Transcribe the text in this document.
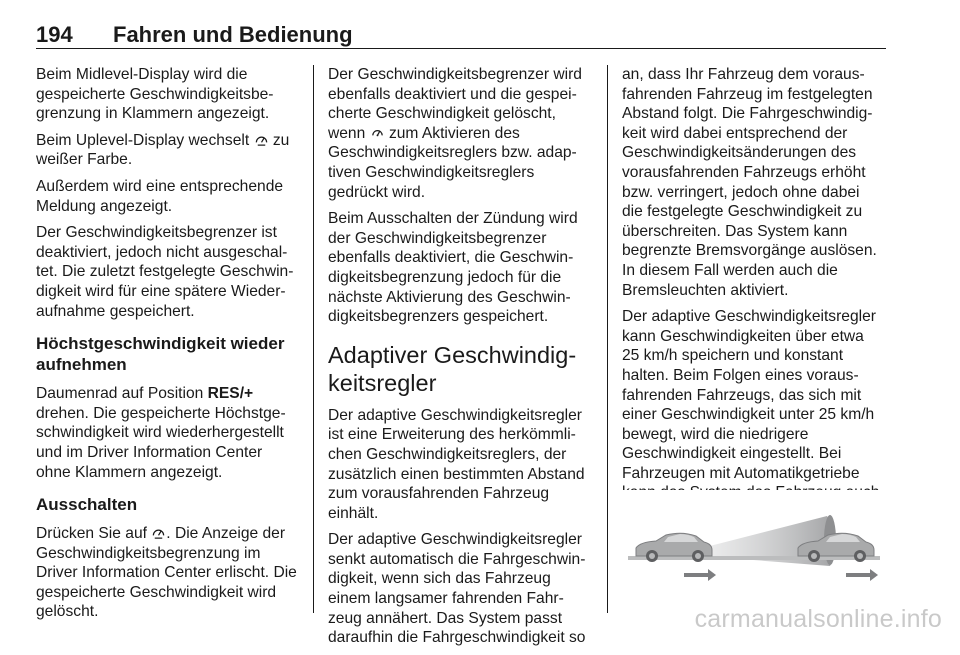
194 Fahren und Bedienung

Beim Midlevel-Display wird die
gespeicherte Geschwindigkeitsbe-
grenzung in Klammern angezeigt.

Beim Uplevel-Display wechselt  zu
weißer Farbe.

Außerdem wird eine entsprechende
Meldung angezeigt.

Der Geschwindigkeitsbegrenzer ist
deaktiviert, jedoch nicht ausgeschal-
tet. Die zuletzt festgelegte Geschwin-
digkeit wird für eine spätere Wieder-
aufnahme gespeichert.

Höchstgeschwindigkeit wieder
aufnehmen

Daumenrad auf Position RES/+
drehen. Die gespeicherte Höchstge-
schwindigkeit wird wiederhergestellt
und im Driver Information Center
ohne Klammern angezeigt.

Ausschalten

Drücken Sie auf . Die Anzeige der
Geschwindigkeitsbegrenzung im
Driver Information Center erlischt. Die
gespeicherte Geschwindigkeit wird
gelöscht.

Der Geschwindigkeitsbegrenzer wird
ebenfalls deaktiviert und die gespei-
cherte Geschwindigkeit gelöscht,
wenn  zum Aktivieren des
Geschwindigkeitsreglers bzw. adap-
tiven Geschwindigkeitsreglers
gedrückt wird.

Beim Ausschalten der Zündung wird
der Geschwindigkeitsbegrenzer
ebenfalls deaktiviert, die Geschwin-
digkeitsbegrenzung jedoch für die
nächste Aktivierung des Geschwin-
digkeitsbegrenzers gespeichert.

Adaptiver Geschwindig-
keitsregler

Der adaptive Geschwindigkeitsregler
ist eine Erweiterung des herkömmli-
chen Geschwindigkeitsreglers, der
zusätzlich einen bestimmten Abstand
zum vorausfahrenden Fahrzeug
einhält.

Der adaptive Geschwindigkeitsregler
senkt automatisch die Fahrgeschwin-
digkeit, wenn sich das Fahrzeug
einem langsamer fahrenden Fahr-
zeug annähert. Das System passt
daraufhin die Fahrgeschwindigkeit so

an, dass Ihr Fahrzeug dem voraus-
fahrenden Fahrzeug im festgelegten
Abstand folgt. Die Fahrgeschwindig-
keit wird dabei entsprechend der
Geschwindigkeitsänderungen des
vorausfahrenden Fahrzeugs erhöht
bzw. verringert, jedoch ohne dabei
die festgelegte Geschwindigkeit zu
überschreiten. Das System kann
begrenzte Bremsvorgänge auslösen.
In diesem Fall werden auch die
Bremsleuchten aktiviert.

Der adaptive Geschwindigkeitsregler
kann Geschwindigkeiten über etwa
25 km/h speichern und konstant
halten. Beim Folgen eines voraus-
fahrenden Fahrzeugs, das sich mit
einer Geschwindigkeit unter 25 km/h
bewegt, wird die niedrigere
Geschwindigkeit eingestellt. Bei
Fahrzeugen mit Automatikgetriebe

carmanualsonline.info
